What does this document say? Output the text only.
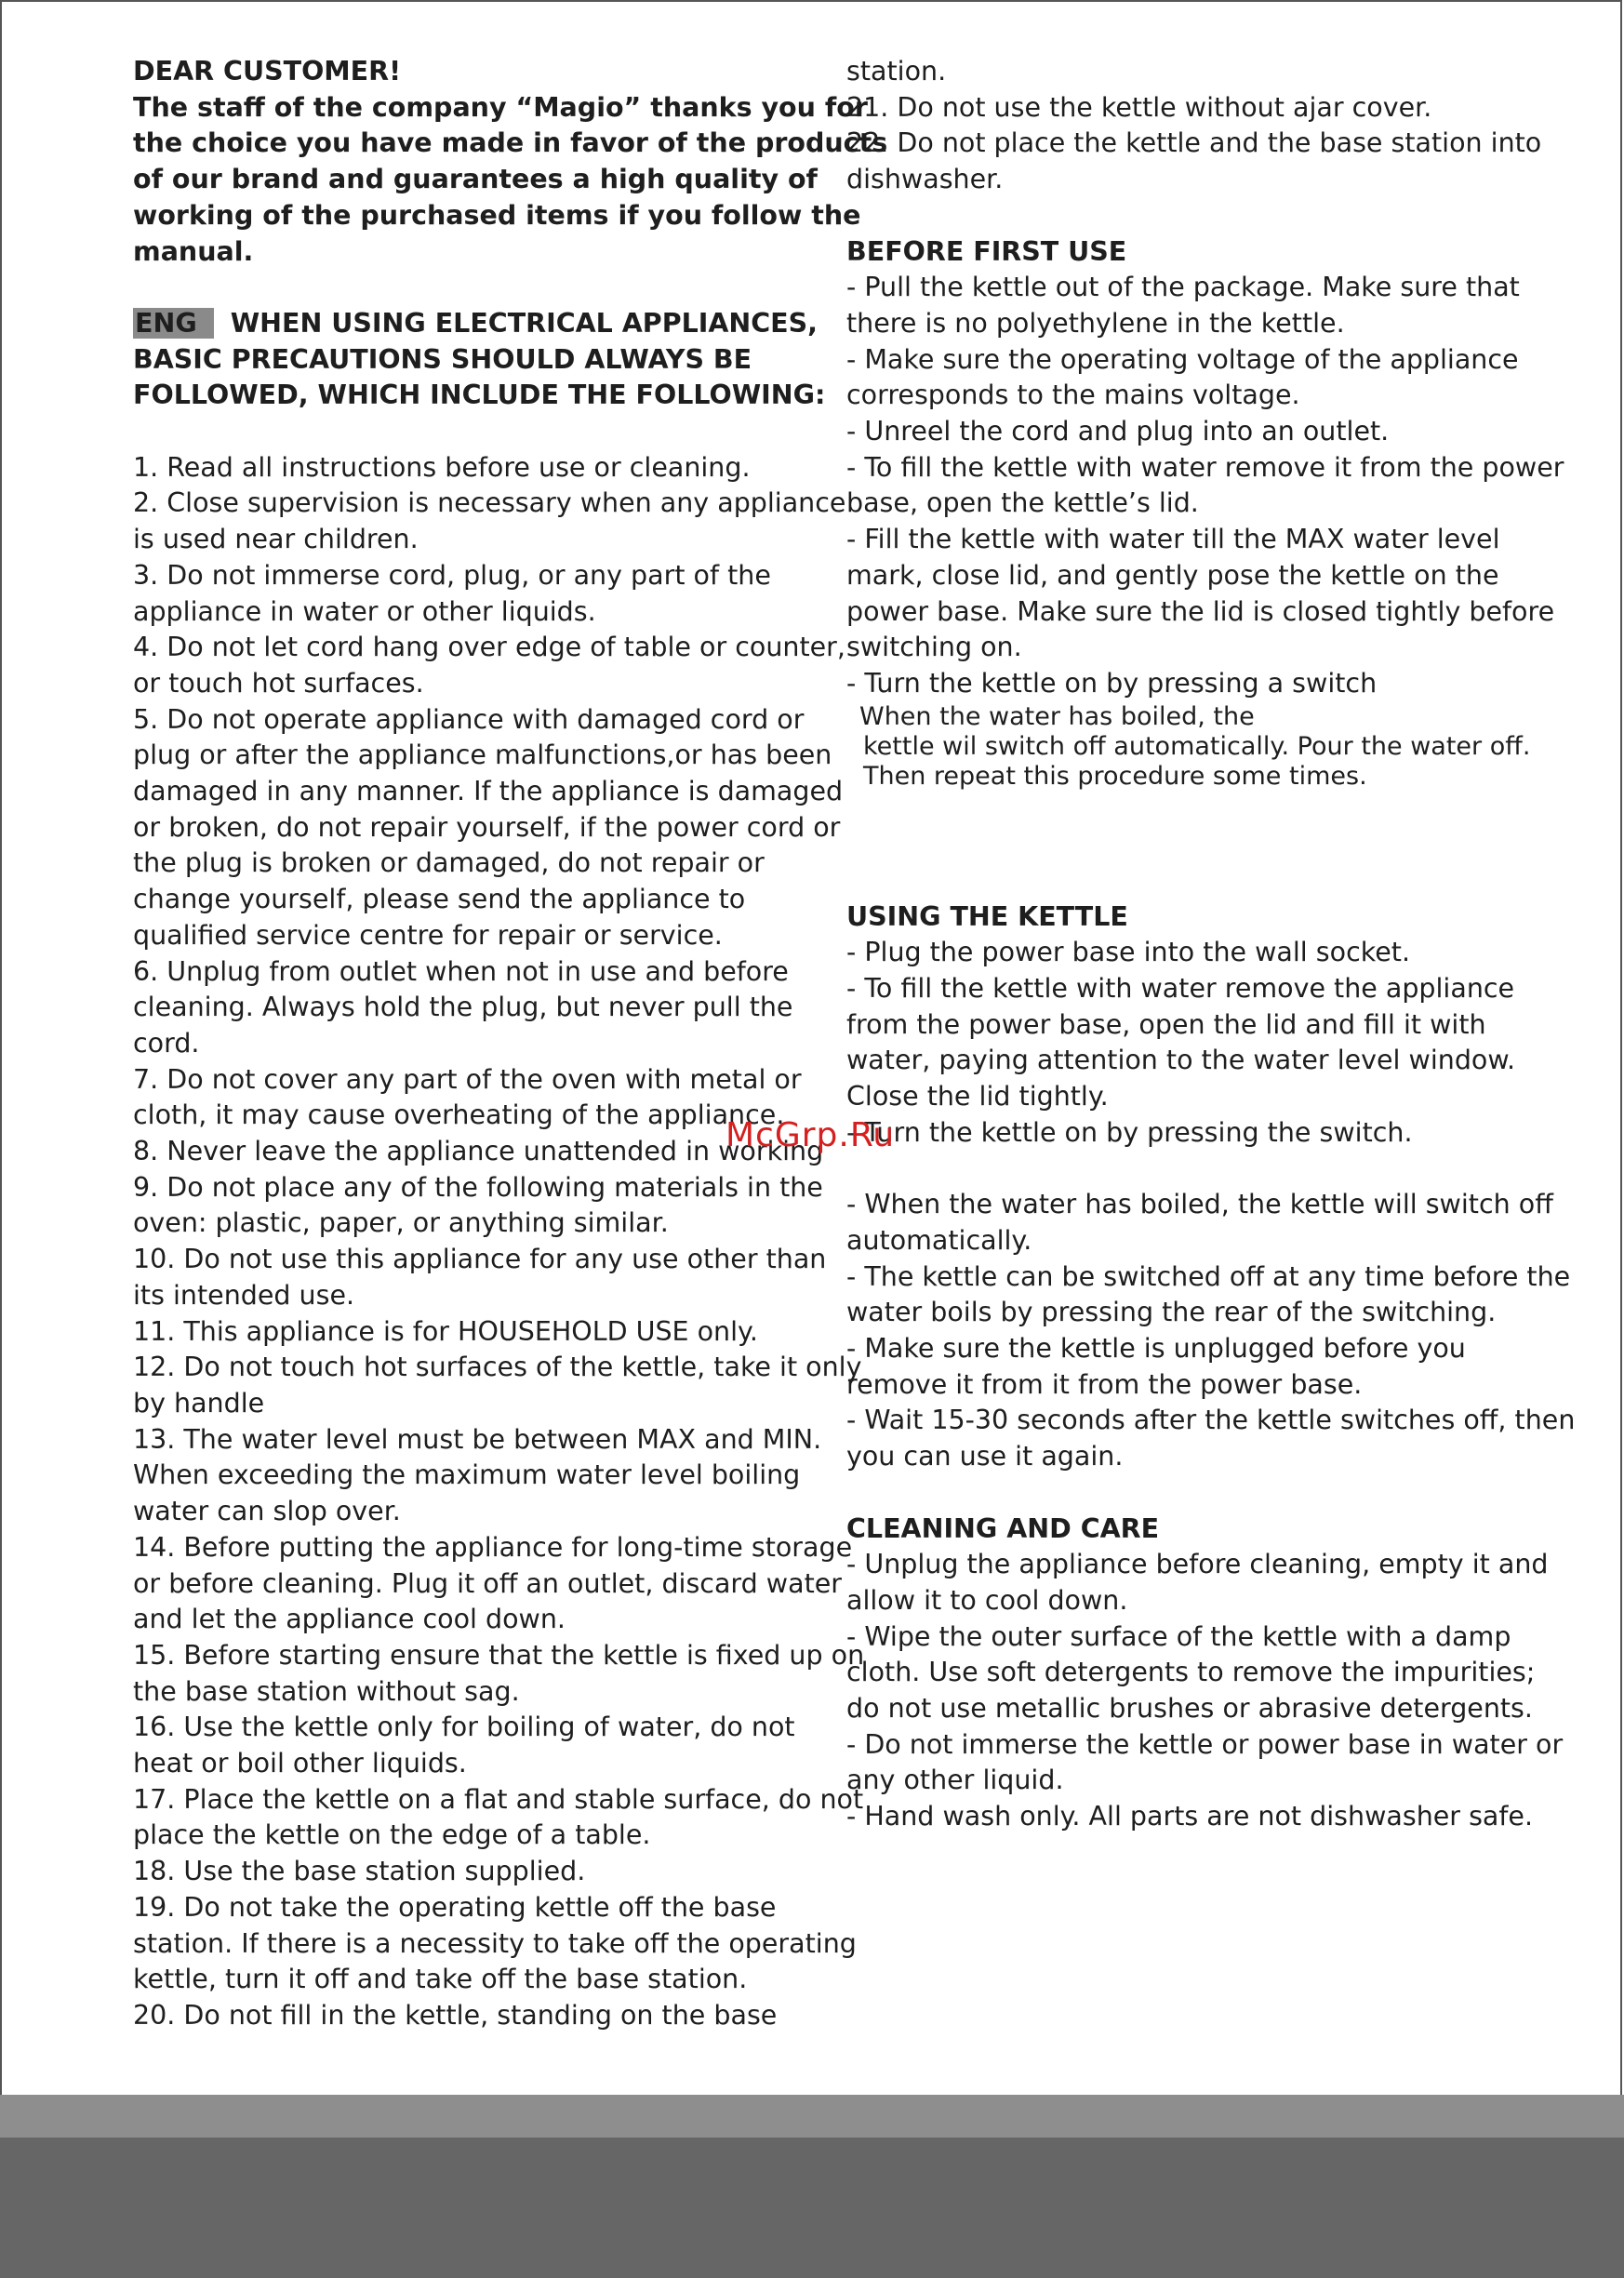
DEAR CUSTOMER!
The staff of the company “Magio” thanks you for
the choice you have made in favor of the products
of our brand and guarantees a high quality of
working of the purchased items if you follow the
manual.
ENG WHEN USING ELECTRICAL APPLIANCES,
BASIC PRECAUTIONS SHOULD ALWAYS BE
FOLLOWED, WHICH INCLUDE THE FOLLOWING:
1. Read all instructions before use or cleaning.
2. Close supervision is necessary when any appliance
is used near children.
3. Do not immerse cord, plug, or any part of the
appliance in water or other liquids.
4. Do not let cord hang over edge of table or counter,
or touch hot surfaces.
5. Do not operate appliance with damaged cord or
plug or after the appliance malfunctions,or has been
damaged in any manner. If the appliance is damaged
or broken, do not repair yourself, if the power cord or
the plug is broken or damaged, do not repair or
change yourself, please send the appliance to
qualified service centre for repair or service.
6. Unplug from outlet when not in use and before
cleaning. Always hold the plug, but never pull the
cord.
7. Do not cover any part of the oven with metal or
cloth, it may cause overheating of the appliance.
8. Never leave the appliance unattended in working
9. Do not place any of the following materials in the
oven: plastic, paper, or anything similar.
10. Do not use this appliance for any use other than
its intended use.
11. This appliance is for HOUSEHOLD USE only.
12. Do not touch hot surfaces of the kettle, take it only
by handle
13. The water level must be between MAX and MIN.
When exceeding the maximum water level boiling
water can slop over.
14. Before putting the appliance for long-time storage
or before cleaning. Plug it off an outlet, discard water
and let the appliance cool down.
15. Before starting ensure that the kettle is fixed up on
the base station without sag.
16. Use the kettle only for boiling of water, do not
heat or boil other liquids.
17. Place the kettle on a flat and stable surface, do not
place the kettle on the edge of a table.
18. Use the base station supplied.
19. Do not take the operating kettle off the base
station. If there is a necessity to take off the operating
kettle, turn it off and take off the base station.
20. Do not fill in the kettle, standing on the base
station.
21. Do not use the kettle without ajar cover.
22. Do not place the kettle and the base station into
dishwasher.
BEFORE FIRST USE
- Pull the kettle out of the package. Make sure that
there is no polyethylene in the kettle.
- Make sure the operating voltage of the appliance
corresponds to the mains voltage.
- Unreel the cord and plug into an outlet.
- To fill the kettle with water remove it from the power
base, open the kettle’s lid.
- Fill the kettle with water till the MAX water level
mark, close lid, and gently pose the kettle on the
power base. Make sure the lid is closed tightly before
switching on.
- Turn the kettle on by pressing a switch
When the water has boiled, the
kettle wil switch off automatically. Pour the water off.
Then repeat this procedure some times.
USING THE KETTLE
- Plug the power base into the wall socket.
- To fill the kettle with water remove the appliance
from the power base, open the lid and fill it with
water, paying attention to the water level window.
Close the lid tightly.
- Turn the kettle on by pressing the switch.
- When the water has boiled, the kettle will switch off
automatically.
- The kettle can be switched off at any time before the
water boils by pressing the rear of the switching.
- Make sure the kettle is unplugged before you
remove it from it from the power base.
- Wait 15-30 seconds after the kettle switches off, then
you can use it again.
CLEANING AND CARE
- Unplug the appliance before cleaning, empty it and
allow it to cool down.
- Wipe the outer surface of the kettle with a damp
cloth. Use soft detergents to remove the impurities;
do not use metallic brushes or abrasive detergents.
- Do not immerse the kettle or power base in water or
any other liquid.
- Hand wash only. All parts are not dishwasher safe.
McGrp.Ru
